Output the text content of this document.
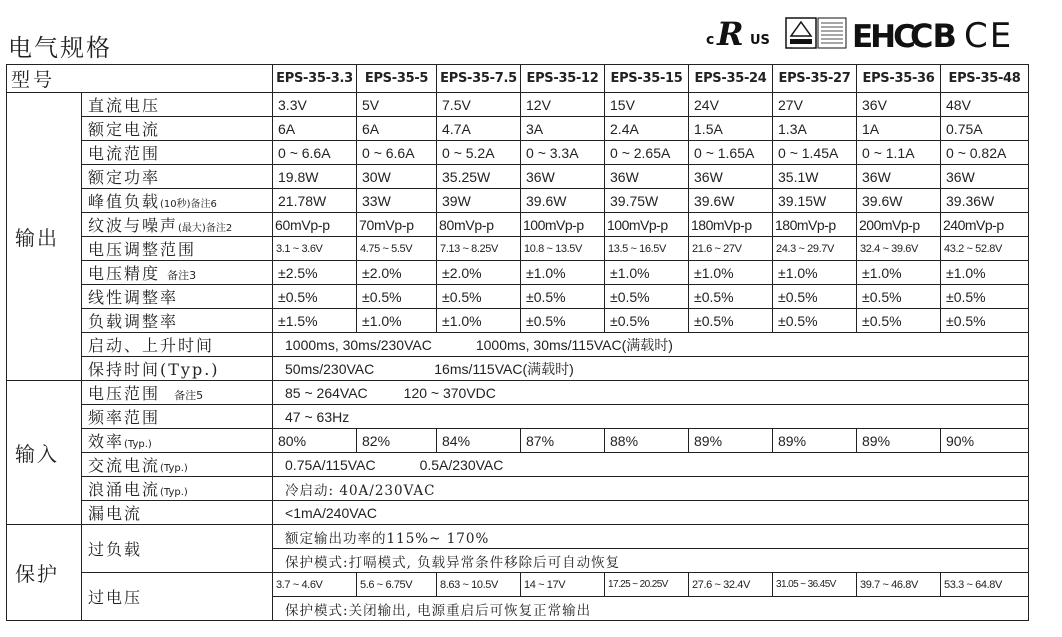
电气规格	c R US	TÜVRheinland EHC
CB CE
型号		EPS-35-3.3	EPS-35-5	EPS-35-7.5	EPS-35-12	EPS-35-15	EPS-35-24	EPS-35-27	EPS-35-36	EPS-35-48
输出	直流电压	3.3V	5V	7.5V	12V	15V	24V	27V	36V	48V
	额定电流	6A	6A	4.7A	3A	2.4A	1.5A	1.3A	1A	0.75A
	电流范围	0 ~ 6.6A	0 ~ 6.6A	0 ~ 5.2A	0 ~ 3.3A	0 ~ 2.65A	0 ~ 1.65A	0 ~ 1.45A	0 ~ 1.1A	0 ~ 0.82A
	额定功率	19.8W	30W	35.25W	36W	36W	36W	35.1W	36W	36W
	峰值负载(10秒)备注6	21.78W	33W	39W	39.6W	39.75W	39.6W	39.15W	39.6W	39.36W
	纹波与噪声(最大)备注2	60mVp-p	70mVp-p	80mVp-p	100mVp-p	100mVp-p	180mVp-p	180mVp-p	200mVp-p	240mVp-p
	电压调整范围	3.1 ~ 3.6V	4.75 ~ 5.5V	7.13 ~ 8.25V	10.8 ~ 13.5V	13.5 ~ 16.5V	21.6 ~ 27V	24.3 ~ 29.7V	32.4 ~ 39.6V	43.2 ~ 52.8V
	电压精度 备注3	±2.5%	±2.0%	±2.0%	±1.0%	±1.0%	±1.0%	±1.0%	±1.0%	±1.0%
	线性调整率	±0.5%	±0.5%	±0.5%	±0.5%	±0.5%	±0.5%	±0.5%	±0.5%	±0.5%
	负载调整率	±1.5%	±1.0%	±1.0%	±0.5%	±0.5%	±0.5%	±0.5%	±0.5%	±0.5%
	启动、上升时间	1000ms, 30ms/230VAC 1000ms, 30ms/115VAC(满载时)								
	保持时间(Typ.)	50ms/230VAC 16ms/115VAC(满载时)								
输入	电压范围 备注5	85 ~ 264VAC 120 ~ 370VDC								
	频率范围	47 ~ 63Hz								
	效率(Typ.)	80%	82%	84%	87%	88%	89%	89%	89%	90%
	交流电流(Typ.)	0.75A/115VAC 0.5A/230VAC								
	浪涌电流(Typ.)	冷启动: 40A/230VAC								
	漏电流	<1mA/240VAC								
保护	过负载	额定输出功率的115%~ 170%								
		保护模式:打嗝模式, 负载异常条件移除后可自动恢复								
	过电压	3.7 ~ 4.6V	5.6 ~ 6.75V	8.63 ~ 10.5V	14 ~ 17V	17.25 ~ 20.25V	27.6 ~ 32.4V	31.05 ~ 36.45V	39.7 ~ 46.8V	53.3 ~ 64.8V
		保护模式:关闭输出, 电源重启后可恢复正常输出								
